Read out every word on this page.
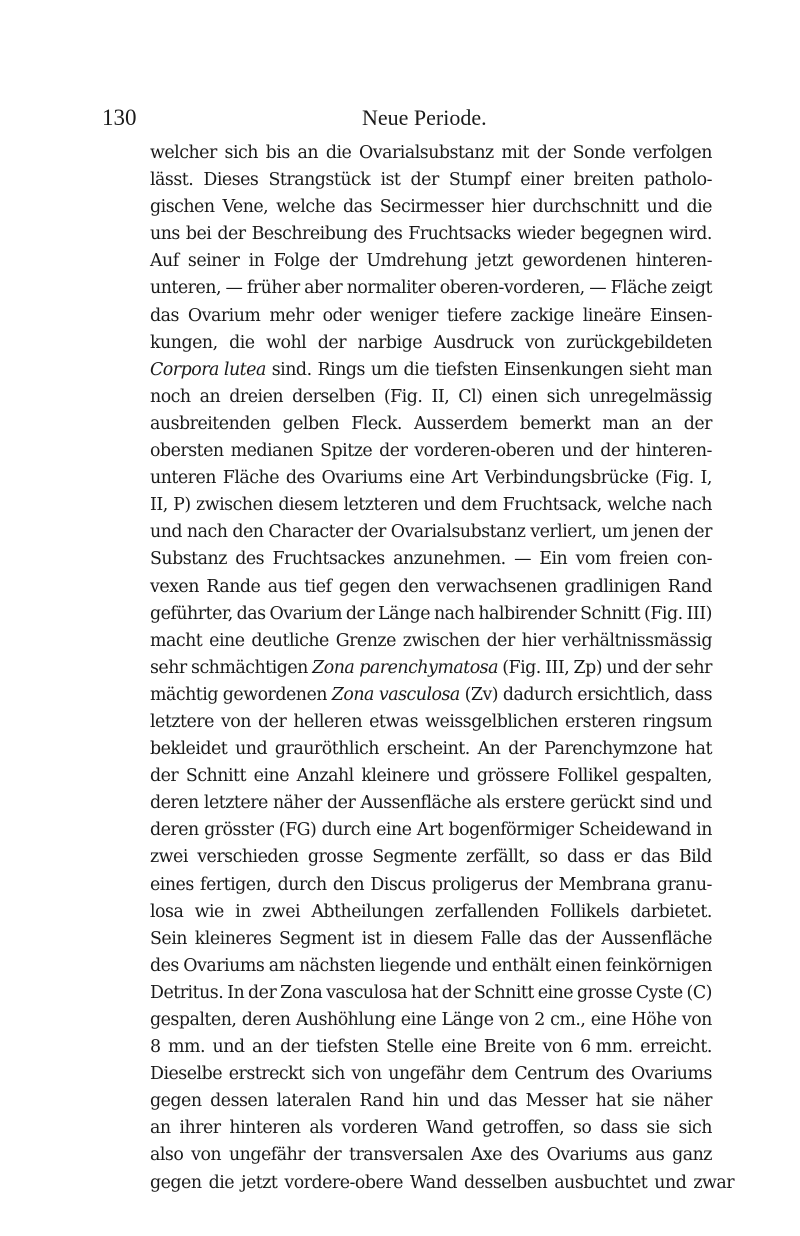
130	Neue Periode.
welcher sich bis an die Ovarialsubstanz mit der Sonde verfolgen
lässt. Dieses Strangstück ist der Stumpf einer breiten patholo-
gischen Vene, welche das Secirmesser hier durchschnitt und die
uns bei der Beschreibung des Fruchtsacks wieder begegnen wird.
Auf seiner in Folge der Umdrehung jetzt gewordenen hinteren-
unteren, — früher aber normaliter oberen-vorderen, — Fläche zeigt
das Ovarium mehr oder weniger tiefere zackige lineäre Einsen-
kungen, die wohl der narbige Ausdruck von zurückgebildeten
Corpora lutea sind. Rings um die tiefsten Einsenkungen sieht man
noch an dreien derselben (Fig. II, Cl) einen sich unregelmässig
ausbreitenden gelben Fleck. Ausserdem bemerkt man an der
obersten medianen Spitze der vorderen-oberen und der hinteren-
unteren Fläche des Ovariums eine Art Verbindungsbrücke (Fig. I,
II, P) zwischen diesem letzteren und dem Fruchtsack, welche nach
und nach den Character der Ovarialsubstanz verliert, um jenen der
Substanz des Fruchtsackes anzunehmen. — Ein vom freien con-
vexen Rande aus tief gegen den verwachsenen gradlinigen Rand
geführter, das Ovarium der Länge nach halbirender Schnitt (Fig. III)
macht eine deutliche Grenze zwischen der hier verhältnissmässig
sehr schmächtigen Zona parenchymatosa (Fig. III, Zp) und der sehr
mächtig gewordenen Zona vasculosa (Zv) dadurch ersichtlich, dass
letztere von der helleren etwas weissgelblichen ersteren ringsum
bekleidet und grauröthlich erscheint. An der Parenchymzone hat
der Schnitt eine Anzahl kleinere und grössere Follikel gespalten,
deren letztere näher der Aussenfläche als erstere gerückt sind und
deren grösster (FG) durch eine Art bogenförmiger Scheidewand in
zwei verschieden grosse Segmente zerfällt, so dass er das Bild
eines fertigen, durch den Discus proligerus der Membrana granu-
losa wie in zwei Abtheilungen zerfallenden Follikels darbietet.
Sein kleineres Segment ist in diesem Falle das der Aussenfläche
des Ovariums am nächsten liegende und enthält einen feinkörnigen
Detritus. In der Zona vasculosa hat der Schnitt eine grosse Cyste (C)
gespalten, deren Aushöhlung eine Länge von 2 cm., eine Höhe von
8 mm. und an der tiefsten Stelle eine Breite von 6 mm. erreicht.
Dieselbe erstreckt sich von ungefähr dem Centrum des Ovariums
gegen dessen lateralen Rand hin und das Messer hat sie näher
an ihrer hinteren als vorderen Wand getroffen, so dass sie sich
also von ungefähr der transversalen Axe des Ovariums aus ganz
gegen die jetzt vordere-obere Wand desselben ausbuchtet und zwar
